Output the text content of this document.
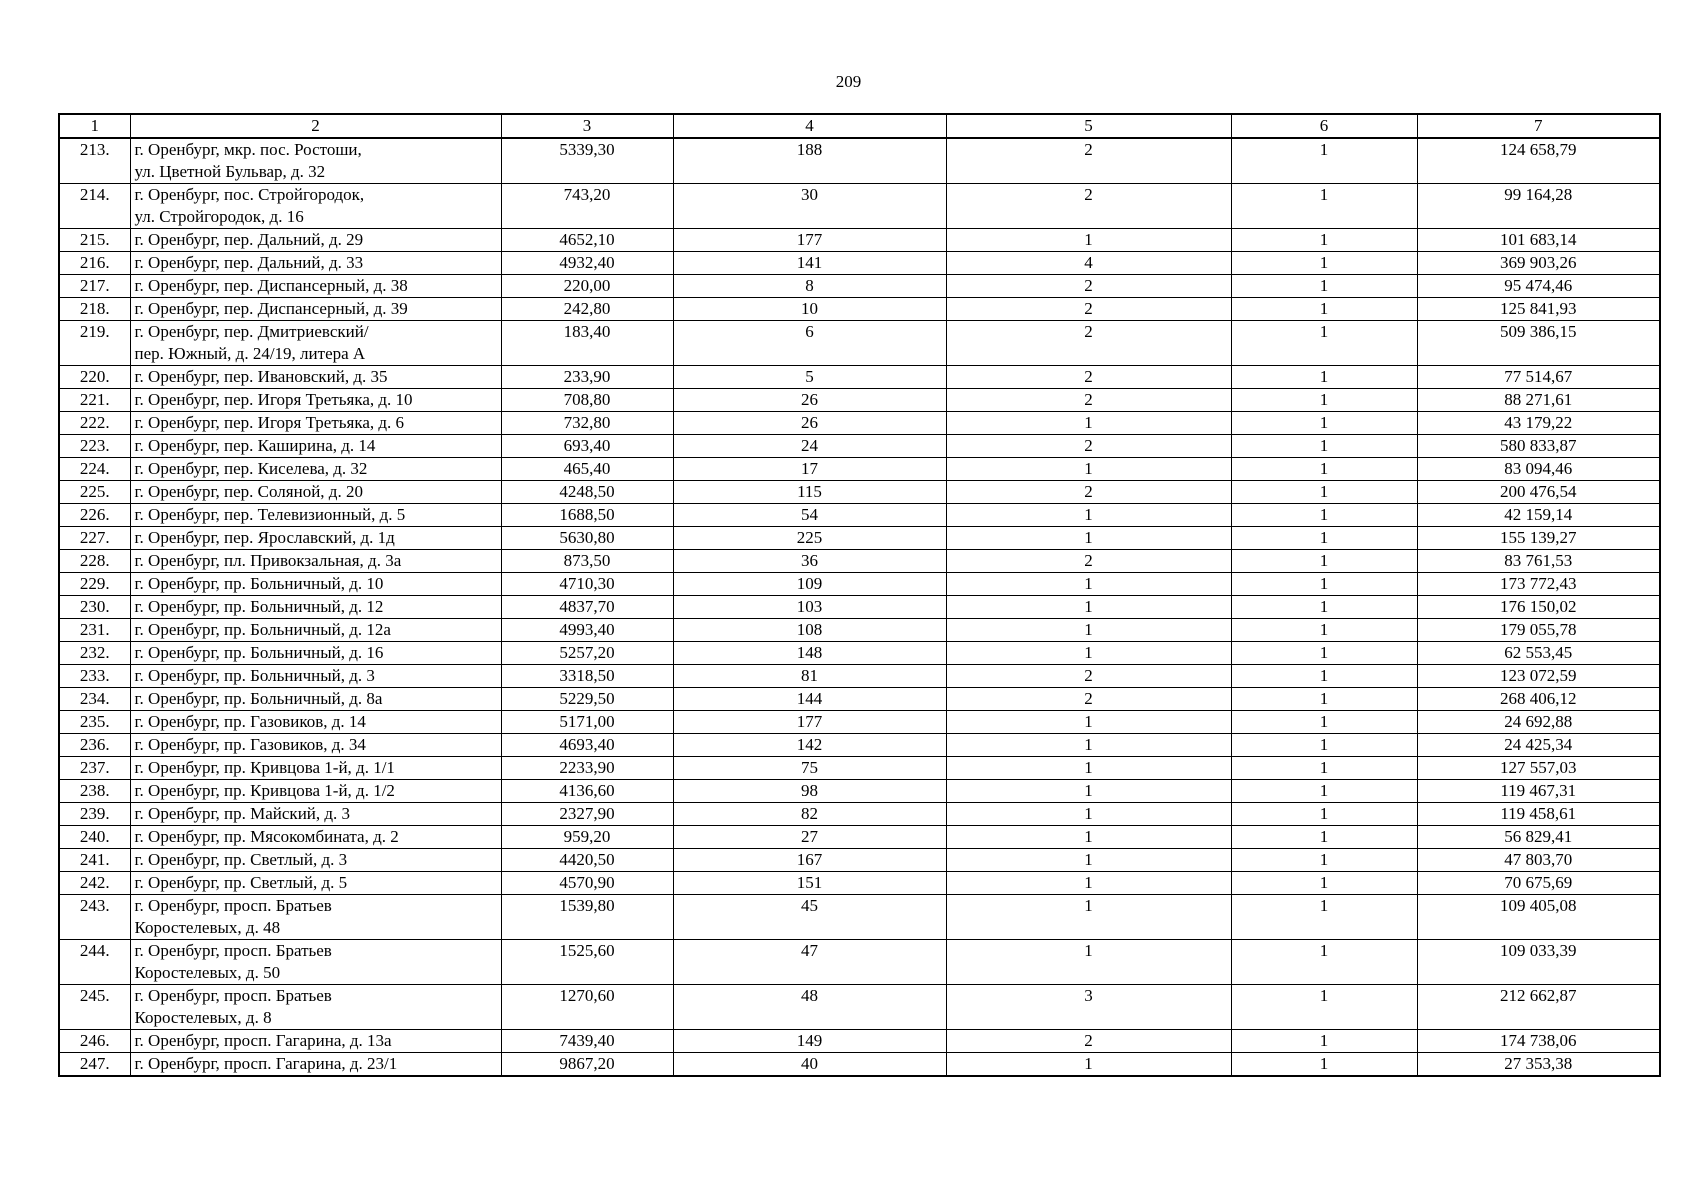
209
1	2	3	4	5	6	7
213.	г. Оренбург, мкр. пос. Ростоши,
ул. Цветной Бульвар, д. 32	5339,30	188	2	1	124 658,79
214.	г. Оренбург, пос. Стройгородок,
ул. Стройгородок, д. 16	743,20	30	2	1	99 164,28
215.	г. Оренбург, пер. Дальний, д. 29	4652,10	177	1	1	101 683,14
216.	г. Оренбург, пер. Дальний, д. 33	4932,40	141	4	1	369 903,26
217.	г. Оренбург, пер. Диспансерный, д. 38	220,00	8	2	1	95 474,46
218.	г. Оренбург, пер. Диспансерный, д. 39	242,80	10	2	1	125 841,93
219.	г. Оренбург, пер. Дмитриевский/
пер. Южный, д. 24/19, литера А	183,40	6	2	1	509 386,15
220.	г. Оренбург, пер. Ивановский, д. 35	233,90	5	2	1	77 514,67
221.	г. Оренбург, пер. Игоря Третьяка, д. 10	708,80	26	2	1	88 271,61
222.	г. Оренбург, пер. Игоря Третьяка, д. 6	732,80	26	1	1	43 179,22
223.	г. Оренбург, пер. Каширина, д. 14	693,40	24	2	1	580 833,87
224.	г. Оренбург, пер. Киселева, д. 32	465,40	17	1	1	83 094,46
225.	г. Оренбург, пер. Соляной, д. 20	4248,50	115	2	1	200 476,54
226.	г. Оренбург, пер. Телевизионный, д. 5	1688,50	54	1	1	42 159,14
227.	г. Оренбург, пер. Ярославский, д. 1д	5630,80	225	1	1	155 139,27
228.	г. Оренбург, пл. Привокзальная, д. 3а	873,50	36	2	1	83 761,53
229.	г. Оренбург, пр. Больничный, д. 10	4710,30	109	1	1	173 772,43
230.	г. Оренбург, пр. Больничный, д. 12	4837,70	103	1	1	176 150,02
231.	г. Оренбург, пр. Больничный, д. 12а	4993,40	108	1	1	179 055,78
232.	г. Оренбург, пр. Больничный, д. 16	5257,20	148	1	1	62 553,45
233.	г. Оренбург, пр. Больничный, д. 3	3318,50	81	2	1	123 072,59
234.	г. Оренбург, пр. Больничный, д. 8а	5229,50	144	2	1	268 406,12
235.	г. Оренбург, пр. Газовиков, д. 14	5171,00	177	1	1	24 692,88
236.	г. Оренбург, пр. Газовиков, д. 34	4693,40	142	1	1	24 425,34
237.	г. Оренбург, пр. Кривцова 1-й, д. 1/1	2233,90	75	1	1	127 557,03
238.	г. Оренбург, пр. Кривцова 1-й, д. 1/2	4136,60	98	1	1	119 467,31
239.	г. Оренбург, пр. Майский, д. 3	2327,90	82	1	1	119 458,61
240.	г. Оренбург, пр. Мясокомбината, д. 2	959,20	27	1	1	56 829,41
241.	г. Оренбург, пр. Светлый, д. 3	4420,50	167	1	1	47 803,70
242.	г. Оренбург, пр. Светлый, д. 5	4570,90	151	1	1	70 675,69
243.	г. Оренбург, просп. Братьев
Коростелевых, д. 48	1539,80	45	1	1	109 405,08
244.	г. Оренбург, просп. Братьев
Коростелевых, д. 50	1525,60	47	1	1	109 033,39
245.	г. Оренбург, просп. Братьев
Коростелевых, д. 8	1270,60	48	3	1	212 662,87
246.	г. Оренбург, просп. Гагарина, д. 13а	7439,40	149	2	1	174 738,06
247.	г. Оренбург, просп. Гагарина, д. 23/1	9867,20	40	1	1	27 353,38
